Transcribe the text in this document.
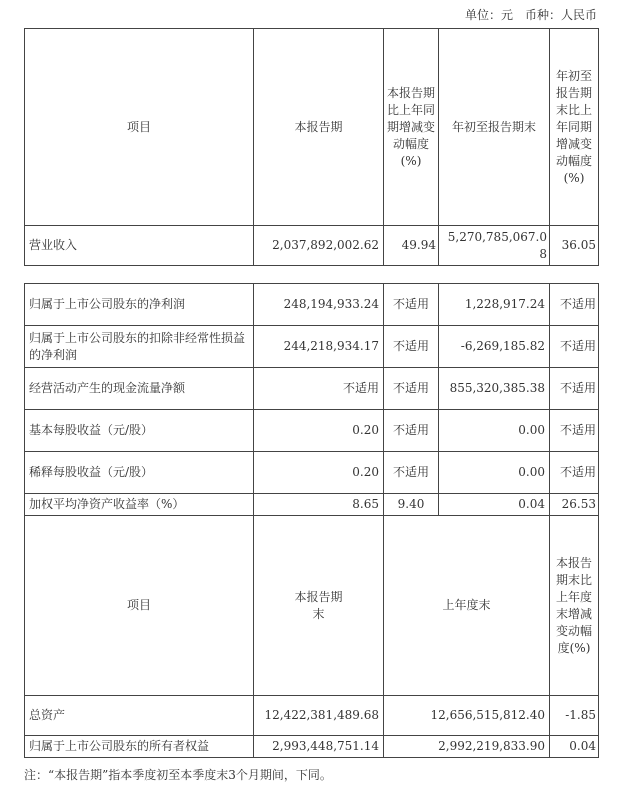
单位：元　币种：人民币
项目	本报告期	本报告期比上年同期增减变动幅度(%)	年初至报告期末	年初至报告期末比上年同期增减变动幅度(%)
营业收入	2,037,892,002.62	49.94	5,270,785,067.08	36.05
归属于上市公司股东的净利润	248,194,933.24	不适用	1,228,917.24	不适用
归属于上市公司股东的扣除非经常性损益的净利润	244,218,934.17	不适用	-6,269,185.82	不适用
经营活动产生的现金流量净额	不适用	不适用	855,320,385.38	不适用
基本每股收益（元/股）	0.20	不适用	0.00	不适用
稀释每股收益（元/股）	0.20	不适用	0.00	不适用
加权平均净资产收益率（%）	8.65	9.40	0.04	26.53
项目	本报告期末	上年度末		本报告期末比上年度末增减变动幅度(%)
总资产	12,422,381,489.68	12,656,515,812.40		-1.85
归属于上市公司股东的所有者权益	2,993,448,751.14	2,992,219,833.90		0.04
注：“本报告期”指本季度初至本季度末3个月期间，下同。
